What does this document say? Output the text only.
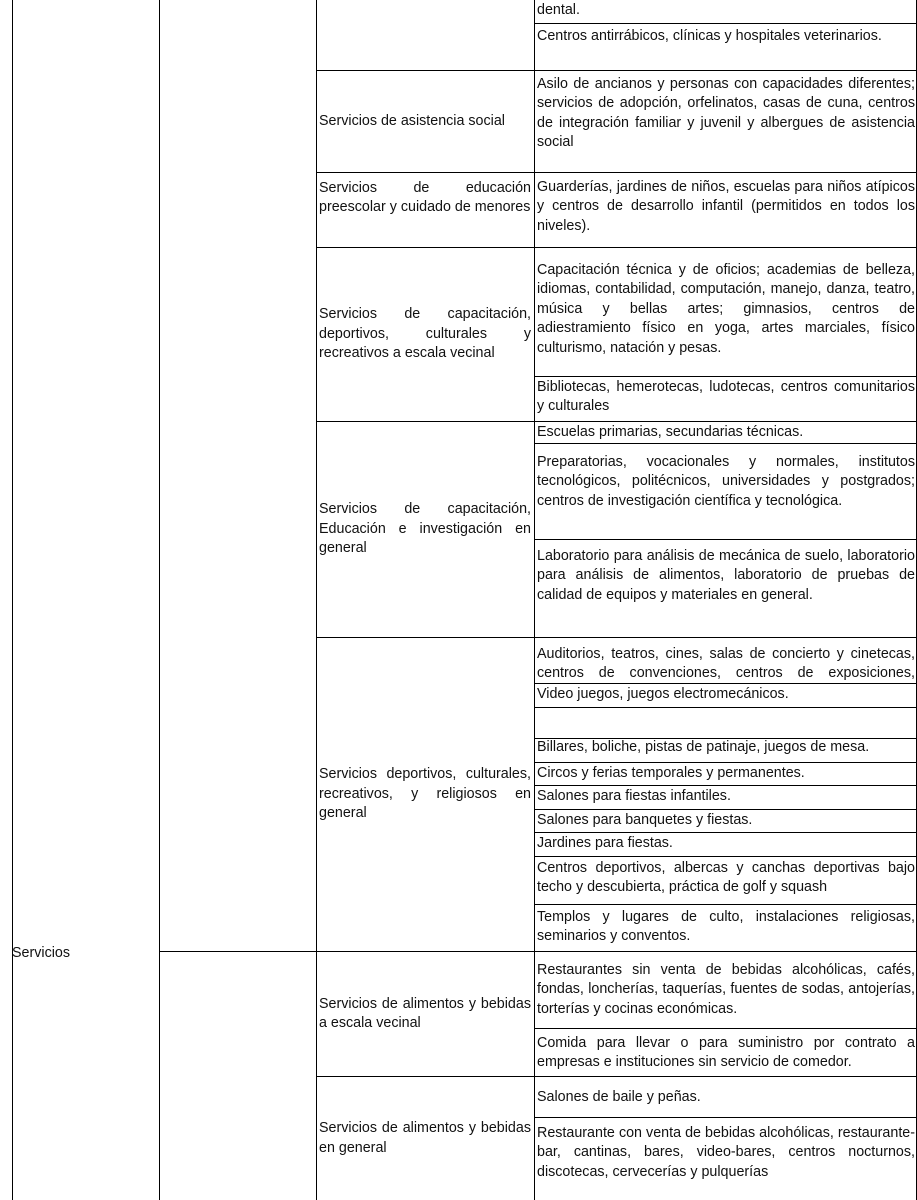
Servicios
Servicios de asistencia social
Servicios de educación preescolar y cuidado de menores
Servicios de capacitación, deportivos, culturales y recreativos a escala vecinal
Servicios de capacitación, Educación e investigación en general
Servicios deportivos, culturales, recreativos, y religiosos en general
Servicios de alimentos y bebidas a escala vecinal
Servicios de alimentos y bebidas en general
dental.
Centros antirrábicos, clínicas y hospitales veterinarios.
Asilo de ancianos y personas con capacidades diferentes; servicios de adopción, orfelinatos, casas de cuna, centros de integración familiar y juvenil y albergues de asistencia social
Guarderías, jardines de niños, escuelas para niños atípicos y centros de desarrollo infantil (permitidos en todos los niveles).
Capacitación técnica y de oficios; academias de belleza, idiomas, contabilidad, computación, manejo, danza, teatro, música y bellas artes; gimnasios, centros de adiestramiento físico en yoga, artes marciales, físico culturismo, natación y pesas.
Bibliotecas, hemerotecas, ludotecas, centros comunitarios y culturales
Escuelas primarias, secundarias técnicas.
Preparatorias, vocacionales y normales, institutos tecnológicos, politécnicos, universidades y postgrados; centros de investigación científica y tecnológica.
Laboratorio para análisis de mecánica de suelo, laboratorio para análisis de alimentos, laboratorio de pruebas de calidad de equipos y materiales en general.
Auditorios, teatros, cines, salas de concierto y cinetecas, centros de convenciones, centros de exposiciones,
Video juegos, juegos electromecánicos.
Billares, boliche, pistas de patinaje, juegos de mesa.
Circos y ferias temporales y permanentes.
Salones para fiestas infantiles.
Salones para banquetes y fiestas.
Jardines para fiestas.
Centros deportivos, albercas y canchas deportivas bajo techo y descubierta, práctica de golf y squash
Templos y lugares de culto, instalaciones religiosas, seminarios y conventos.
Restaurantes sin venta de bebidas alcohólicas, cafés, fondas, loncherías, taquerías, fuentes de sodas, antojerías, torterías y cocinas económicas.
Comida para llevar o para suministro por contrato a empresas e instituciones sin servicio de comedor.
Salones de baile y peñas.
Restaurante con venta de bebidas alcohólicas, restaurante-bar, cantinas, bares, video-bares, centros nocturnos, discotecas, cervecerías y pulquerías
